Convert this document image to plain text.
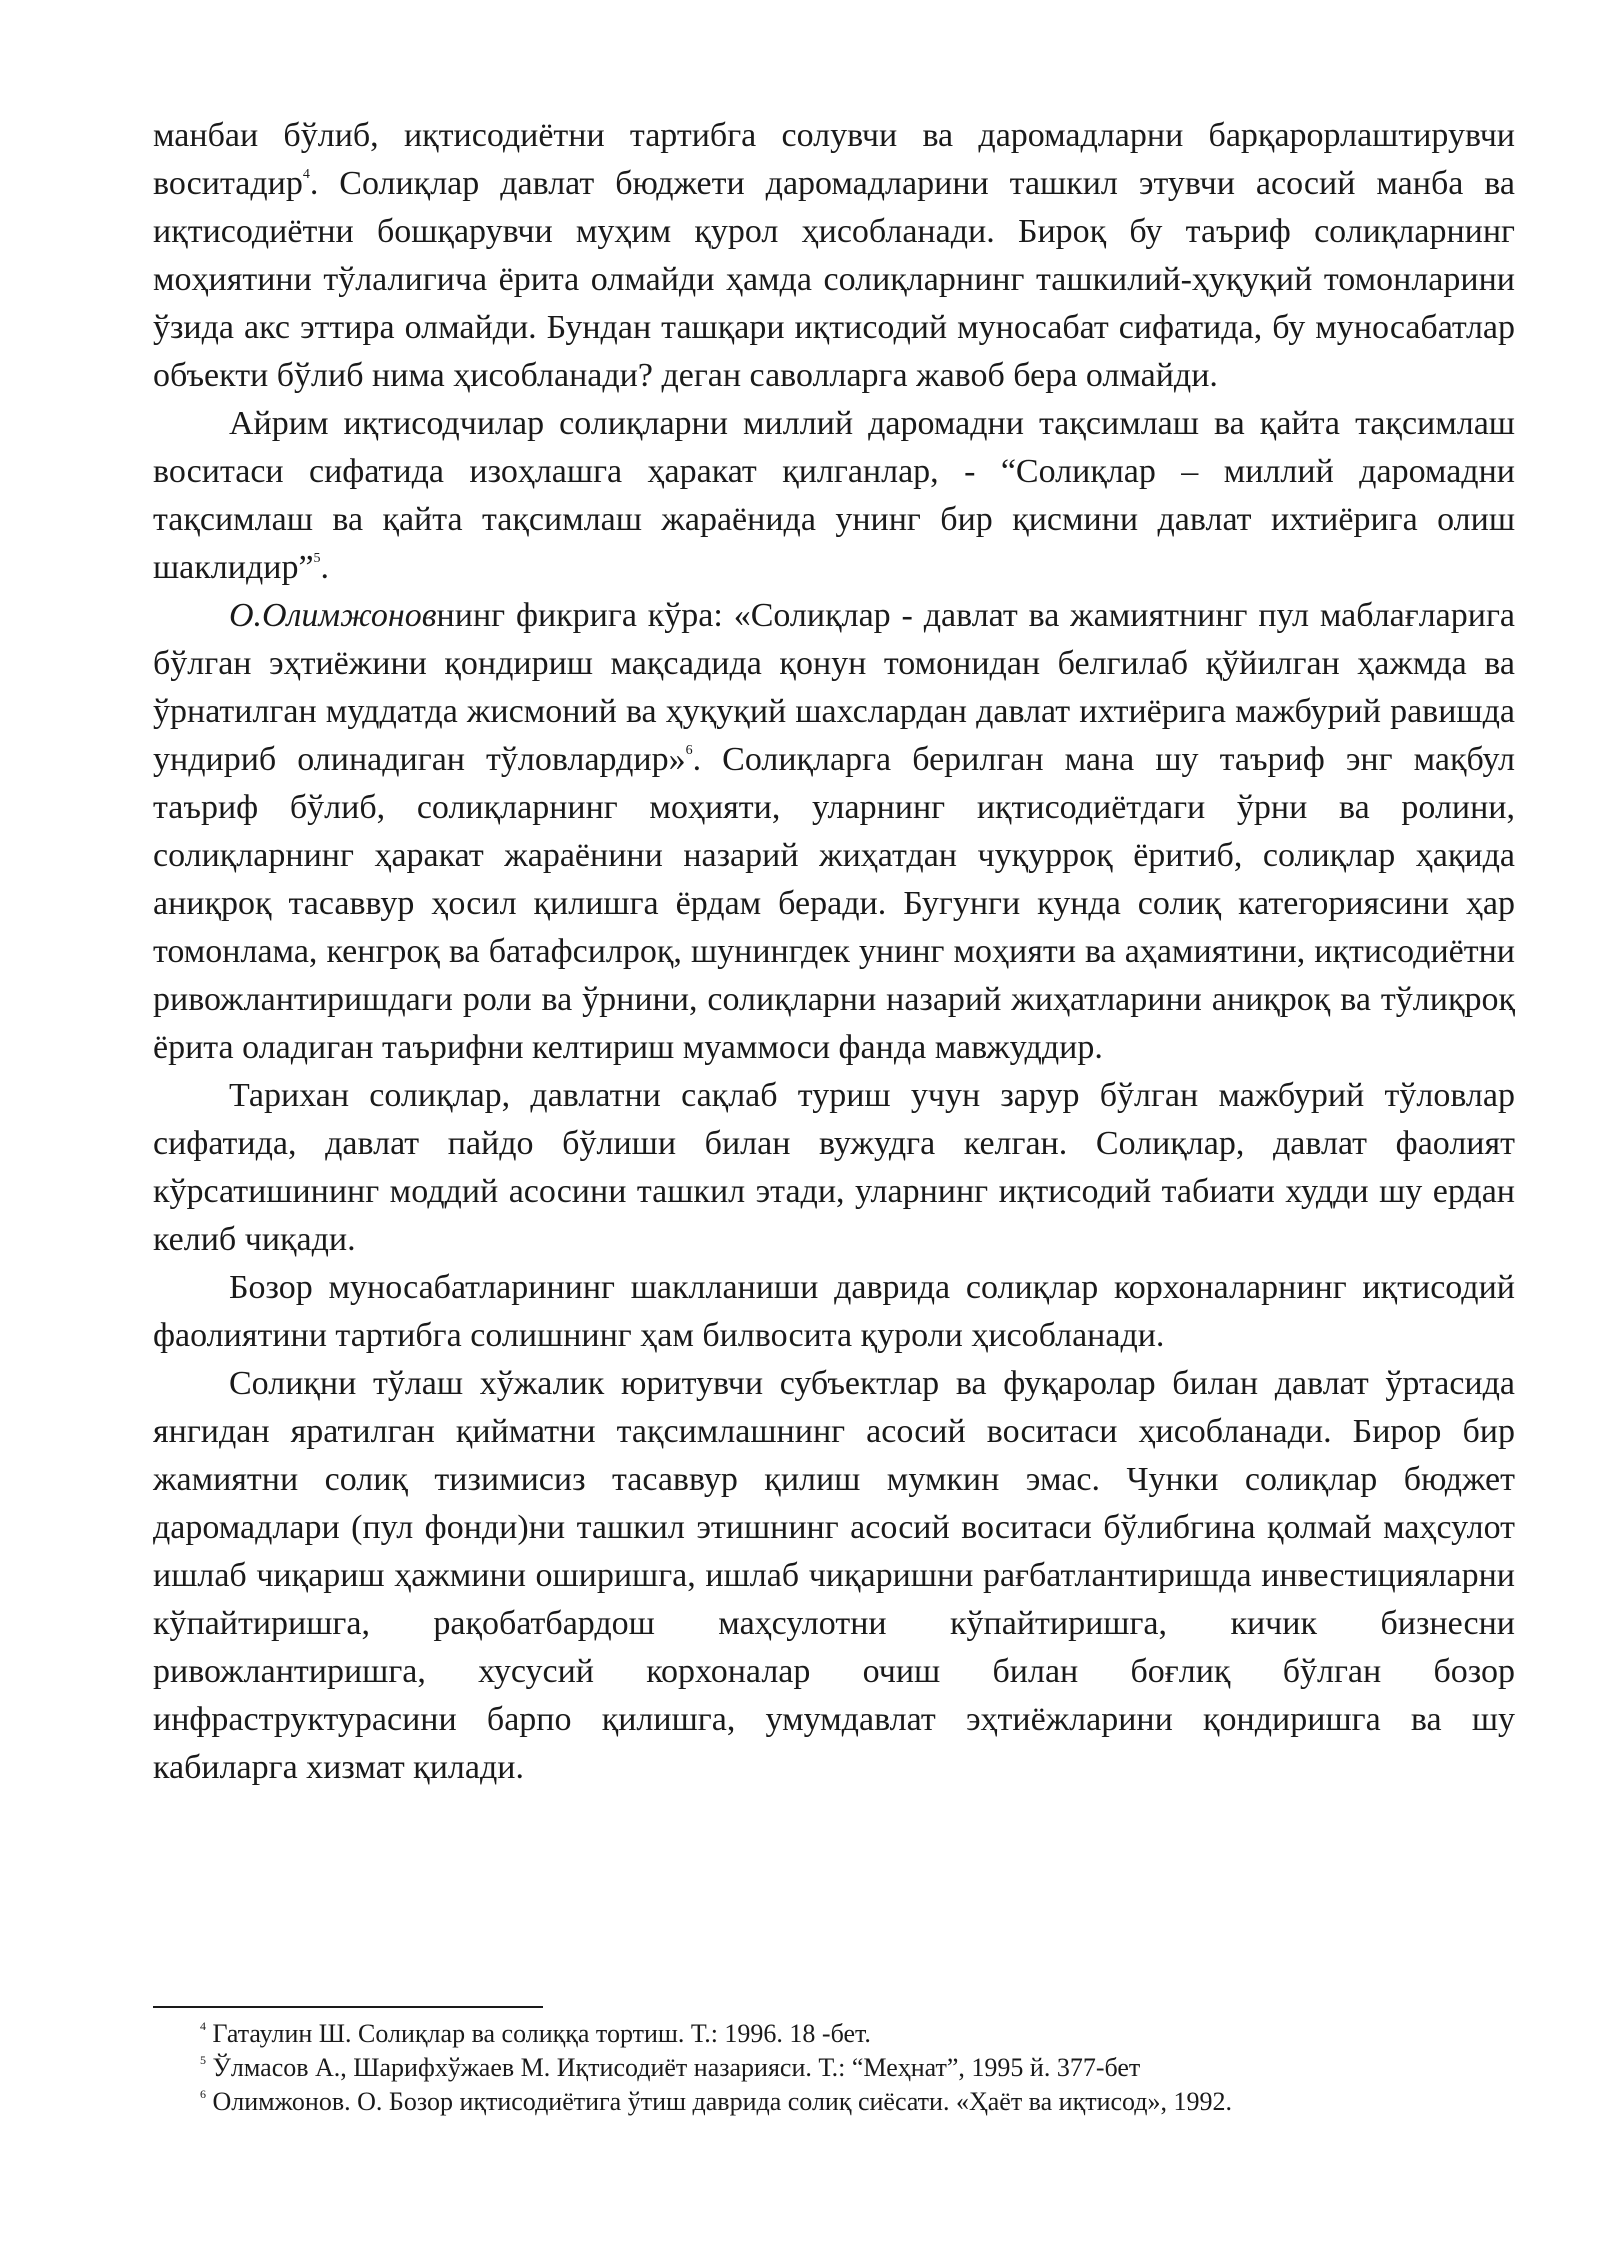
манбаи бўлиб, иқтисодиётни тартибга солувчи ва даромадларни барқарорлаштирувчи воситадир$^4$. Солиқлар давлат бюджети даромадларини ташкил этувчи асосий манба ва иқтисодиётни бошқарувчи муҳим қурол ҳисобланади. Бироқ бу таъриф солиқларнинг моҳиятини тўлалигича ёрита олмайди ҳамда солиқларнинг ташкилий-ҳуқуқий томонларини ўзида акс эттира олмайди. Бундан ташқари иқтисодий муносабат сифатида, бу муносабатлар объекти бўлиб нима ҳисобланади? деган саволларга жавоб бера олмайди.

Айрим иқтисодчилар солиқларни миллий даромадни тақсимлаш ва қайта тақсимлаш воситаси сифатида изоҳлашга ҳаракат қилганлар, - “Солиқлар – миллий даромадни тақсимлаш ва қайта тақсимлаш жараёнида унинг бир қисмини давлат ихтиёрига олиш шаклидир”$^5$.

О.Олимжоновнинг фикрига кўра: «Солиқлар - давлат ва жамиятнинг пул маблағларига бўлган эҳтиёжини қондириш мақсадида қонун томонидан белгилаб қўйилган ҳажмда ва ўрнатилган муддатда жисмоний ва ҳуқуқий шахслардан давлат ихтиёрига мажбурий равишда ундириб олинадиган тўловлардир»$^6$. Солиқларга берилган мана шу таъриф энг мақбул таъриф бўлиб, солиқларнинг моҳияти, уларнинг иқтисодиётдаги ўрни ва ролини, солиқларнинг ҳаракат жараёнини назарий жиҳатдан чуқурроқ ёритиб, солиқлар ҳақида аниқроқ тасаввур ҳосил қилишга ёрдам беради. Бугунги кунда солиқ категориясини ҳар томонлама, кенгроқ ва батафсилроқ, шунингдек унинг моҳияти ва аҳамиятини, иқтисодиётни ривожлантиришдаги роли ва ўрнини, солиқларни назарий жиҳатларини аниқроқ ва тўлиқроқ ёрита оладиган таърифни келтириш муаммоси фанда мавжуддир.

Тарихан солиқлар, давлатни сақлаб туриш учун зарур бўлган мажбурий тўловлар сифатида, давлат пайдо бўлиши билан вужудга келган. Солиқлар, давлат фаолият кўрсатишининг моддий асосини ташкил этади, уларнинг иқтисодий табиати худди шу ердан келиб чиқади.

Бозор муносабатларининг шаклланиши даврида солиқлар корхоналарнинг иқтисодий фаолиятини тартибга солишнинг ҳам билвосита қуроли ҳисобланади.

Солиқни тўлаш хўжалик юритувчи субъектлар ва фуқаролар билан давлат ўртасида янгидан яратилган қийматни тақсимлашнинг асосий воситаси ҳисобланади. Бирор бир жамиятни солиқ тизимисиз тасаввур қилиш мумкин эмас. Чунки солиқлар бюджет даромадлари (пул фонди)ни ташкил этишнинг асосий воситаси бўлибгина қолмай маҳсулот ишлаб чиқариш ҳажмини оширишга, ишлаб чиқаришни рағбатлантиришда инвестицияларни кўпайтиришга, рақобатбардош маҳсулотни кўпайтиришга, кичик бизнесни ривожлантиришга, хусусий корхоналар очиш билан боғлиқ бўлган бозор инфраструктурасини барпо қилишга, умумдавлат эҳтиёжларини қондиришга ва шу кабиларга хизмат қилади.

$^4$ Гатаулин Ш. Солиқлар ва солиққа тортиш. Т.: 1996. 18 -бет.

$^5$ Ўлмасов А., Шарифхўжаев М. Иқтисодиёт назарияси. Т.: “Меҳнат”, 1995 й. 377-бет

$^6$ Олимжонов. О. Бозор иқтисодиётига ўтиш даврида солиқ сиёсати. «Ҳаёт ва иқтисод», 1992.
